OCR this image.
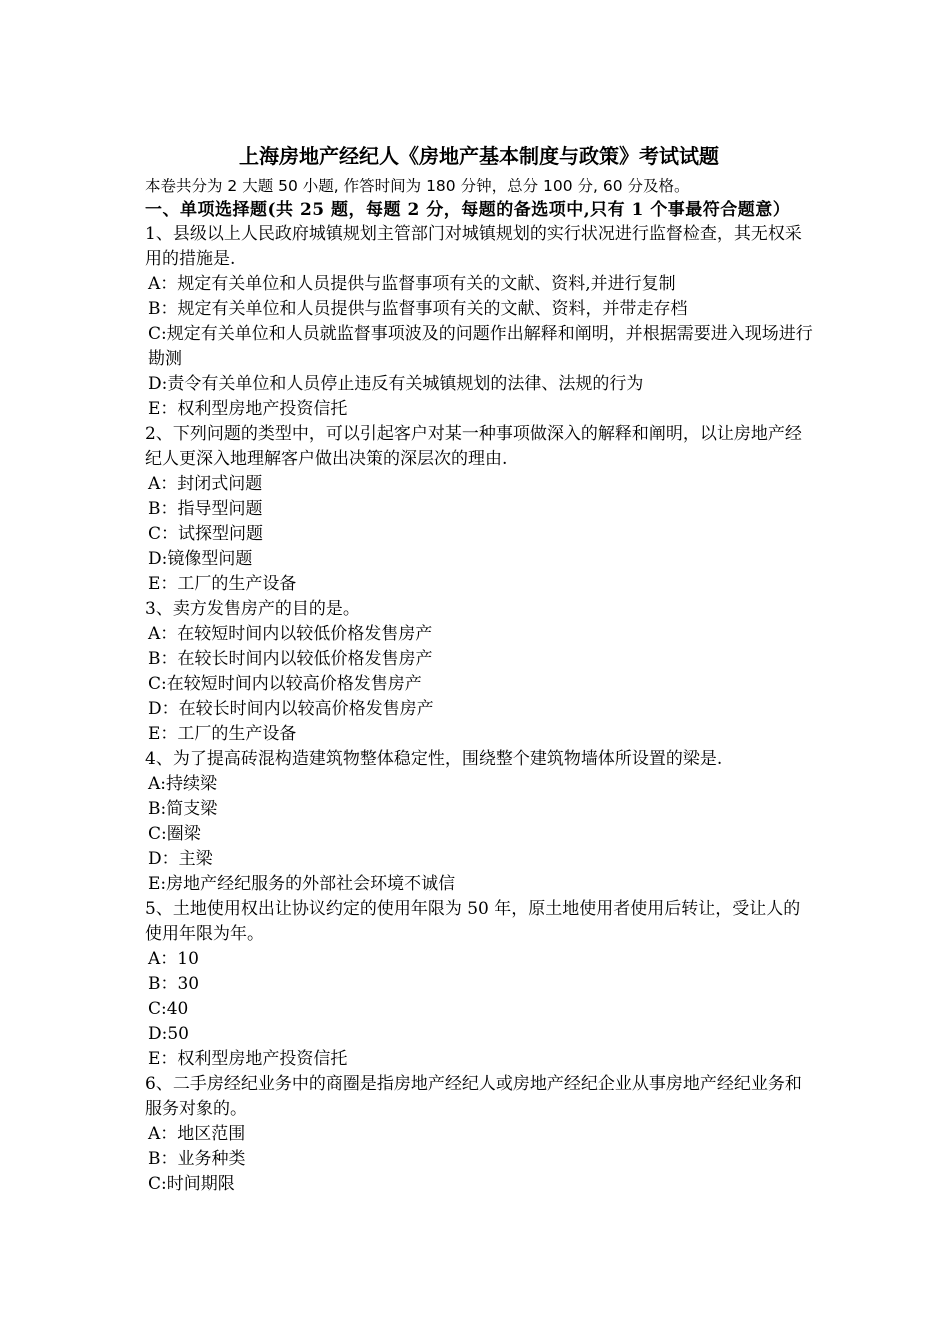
上海房地产经纪人《房地产基本制度与政策》考试试题
本卷共分为 2 大题 50 小题, 作答时间为 180 分钟，总分 100 分, 60 分及格。
一、单项选择题(共 25 题，每题 2 分，每题的备选项中,只有 1 个事最符合题意）
1、县级以上人民政府城镇规划主管部门对城镇规划的实行状况进行监督检查，其无权采用的措施是.
A：规定有关单位和人员提供与监督事项有关的文献、资料,并进行复制
B：规定有关单位和人员提供与监督事项有关的文献、资料，并带走存档
C:规定有关单位和人员就监督事项波及的问题作出解释和阐明，并根据需要进入现场进行勘测
D:责令有关单位和人员停止违反有关城镇规划的法律、法规的行为
E：权利型房地产投资信托
2、下列问题的类型中，可以引起客户对某一种事项做深入的解释和阐明，以让房地产经纪人更深入地理解客户做出决策的深层次的理由.
A：封闭式问题
B：指导型问题
C：试探型问题
D:镜像型问题
E：工厂的生产设备
3、卖方发售房产的目的是。
A：在较短时间内以较低价格发售房产
B：在较长时间内以较低价格发售房产
C:在较短时间内以较高价格发售房产
D：在较长时间内以较高价格发售房产
E：工厂的生产设备
4、为了提高砖混构造建筑物整体稳定性，围绕整个建筑物墙体所设置的梁是.
A:持续梁
B:简支梁
C:圈梁
D：主梁
E:房地产经纪服务的外部社会环境不诚信
5、土地使用权出让协议约定的使用年限为 50 年，原土地使用者使用后转让，受让人的使用年限为年。
A：10
B：30
C:40
D:50
E：权利型房地产投资信托
6、二手房经纪业务中的商圈是指房地产经纪人或房地产经纪企业从事房地产经纪业务和服务对象的。
A：地区范围
B：业务种类
C:时间期限
